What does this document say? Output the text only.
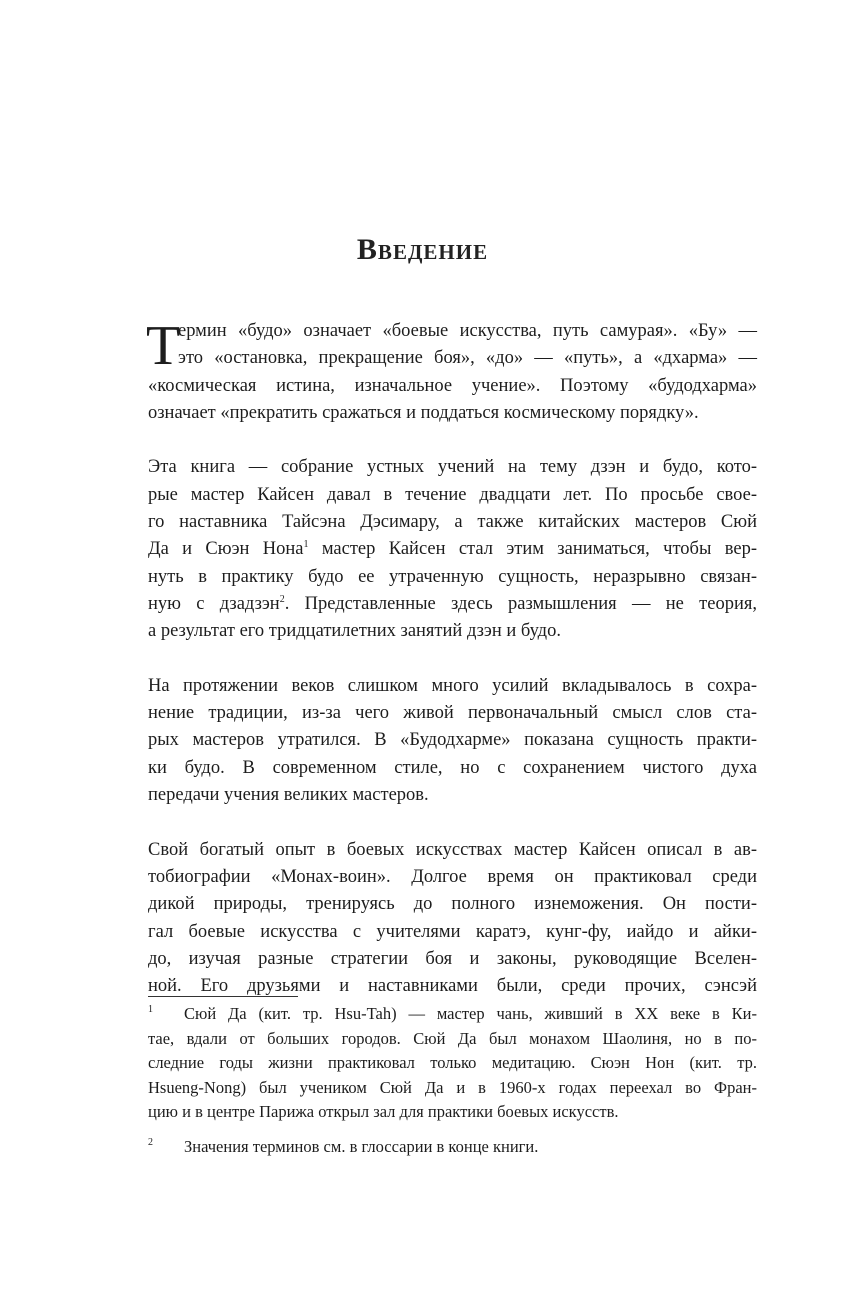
Введение
Т

ермин «будо» означает «боевые искусства, путь самурая». «Бу» —
это «остановка, прекращение боя», «до» — «путь», а «дхарма» —
«космическая истина, изначальное учение». Поэтому «будодхарма»
означает «прекратить сражаться и поддаться космическому порядку».

Эта книга — собрание устных учений на тему дзэн и будо, кото-
рые мастер Кайсен давал в течение двадцати лет. По просьбе свое-
го наставника Тайсэна Дэсимару, а также китайских мастеров Сюй
Да и Сюэн Нона$^1$ мастер Кайсен стал этим заниматься, чтобы вер-
нуть в практику будо ее утраченную сущность, неразрывно связан-
ную с дзадзэн$^2$. Представленные здесь размышления — не теория,
а результат его тридцатилетних занятий дзэн и будо.

На протяжении веков слишком много усилий вкладывалось в сохра-
нение традиции, из-за чего живой первоначальный смысл слов ста-
рых мастеров утратился. В «Будодхарме» показана сущность практи-
ки будо. В современном стиле, но с сохранением чистого духа
передачи учения великих мастеров.

Свой богатый опыт в боевых искусствах мастер Кайсен описал в ав-
тобиографии «Монах-воин». Долгое время он практиковал среди
дикой природы, тренируясь до полного изнеможения. Он пости-
гал боевые искусства с учителями каратэ, кунг-фу, иайдо и айки-
до, изучая разные стратегии боя и законы, руководящие Вселен-
ной. Его друзьями и наставниками были, среди прочих, сэнсэй

1 Сюй Да (кит. тр. Hsu-Tah) — мастер чань, живший в XX веке в Ки-
тае, вдали от больших городов. Сюй Да был монахом Шаолиня, но в по-
следние годы жизни практиковал только медитацию. Сюэн Нон (кит. тр.
Hsueng-Nong) был учеником Сюй Да и в 1960-х годах переехал во Фран-
цию и в центре Парижа открыл зал для практики боевых искусств.
2 Значения терминов см. в глоссарии в конце книги.
